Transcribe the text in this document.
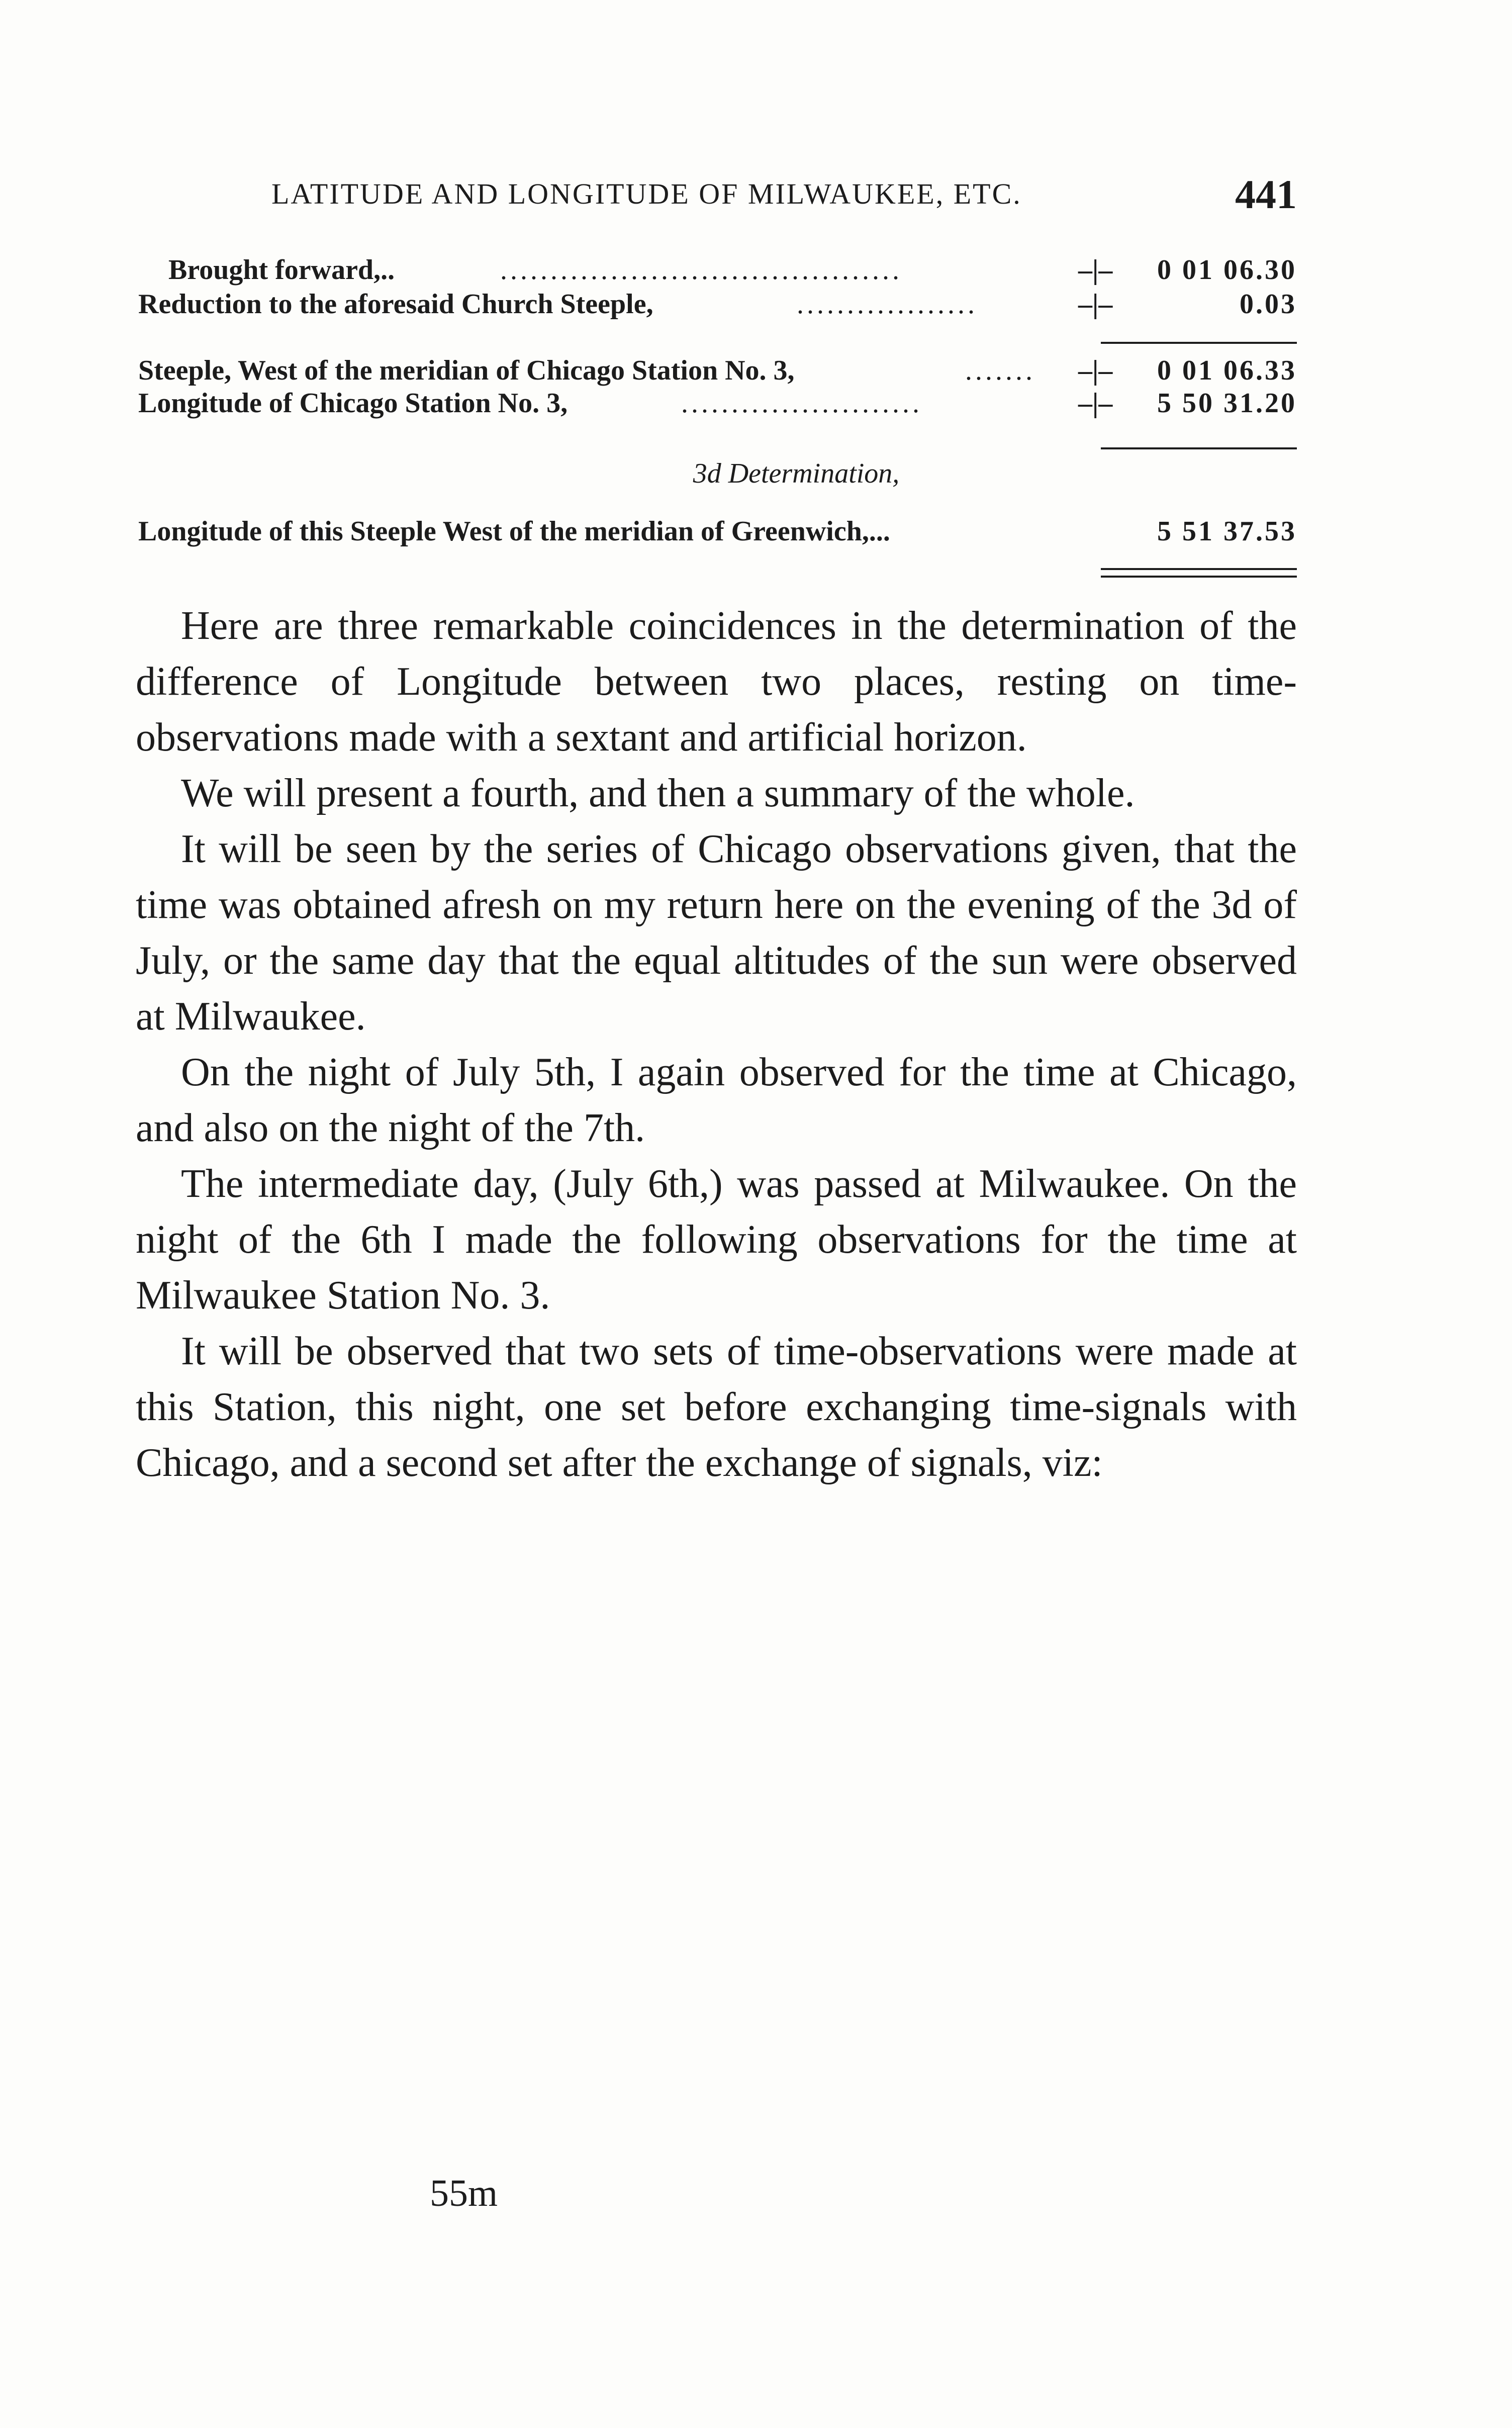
LATITUDE AND LONGITUDE OF MILWAUKEE, ETC.	441
Brought forward,..	........................................	–|– 0 01 06.30
Reduction to the aforesaid Church Steeple,	..................	–|–	0.03
Steeple, West of the meridian of Chicago Station No. 3,	.......	–|– 0 01 06.33
Longitude of Chicago Station No. 3,	........................	–|– 5 50 31.20
3d Determination,
Longitude of this Steeple West of the meridian of Greenwich,...	5 51 37.53

Here are three remarkable coincidences in the determination of the difference of Longitude between two places, resting on time-observations made with a sextant and artificial horizon.

We will present a fourth, and then a summary of the whole.

It will be seen by the series of Chicago observations given, that the time was obtained afresh on my return here on the evening of the 3d of July, or the same day that the equal altitudes of the sun were observed at Milwaukee.

On the night of July 5th, I again observed for the time at Chicago, and also on the night of the 7th.

The intermediate day, (July 6th,) was passed at Milwaukee. On the night of the 6th I made the following observations for the time at Milwaukee Station No. 3.

It will be observed that two sets of time-observations were made at this Station, this night, one set before exchanging time-signals with Chicago, and a second set after the exchange of signals, viz:

55m
